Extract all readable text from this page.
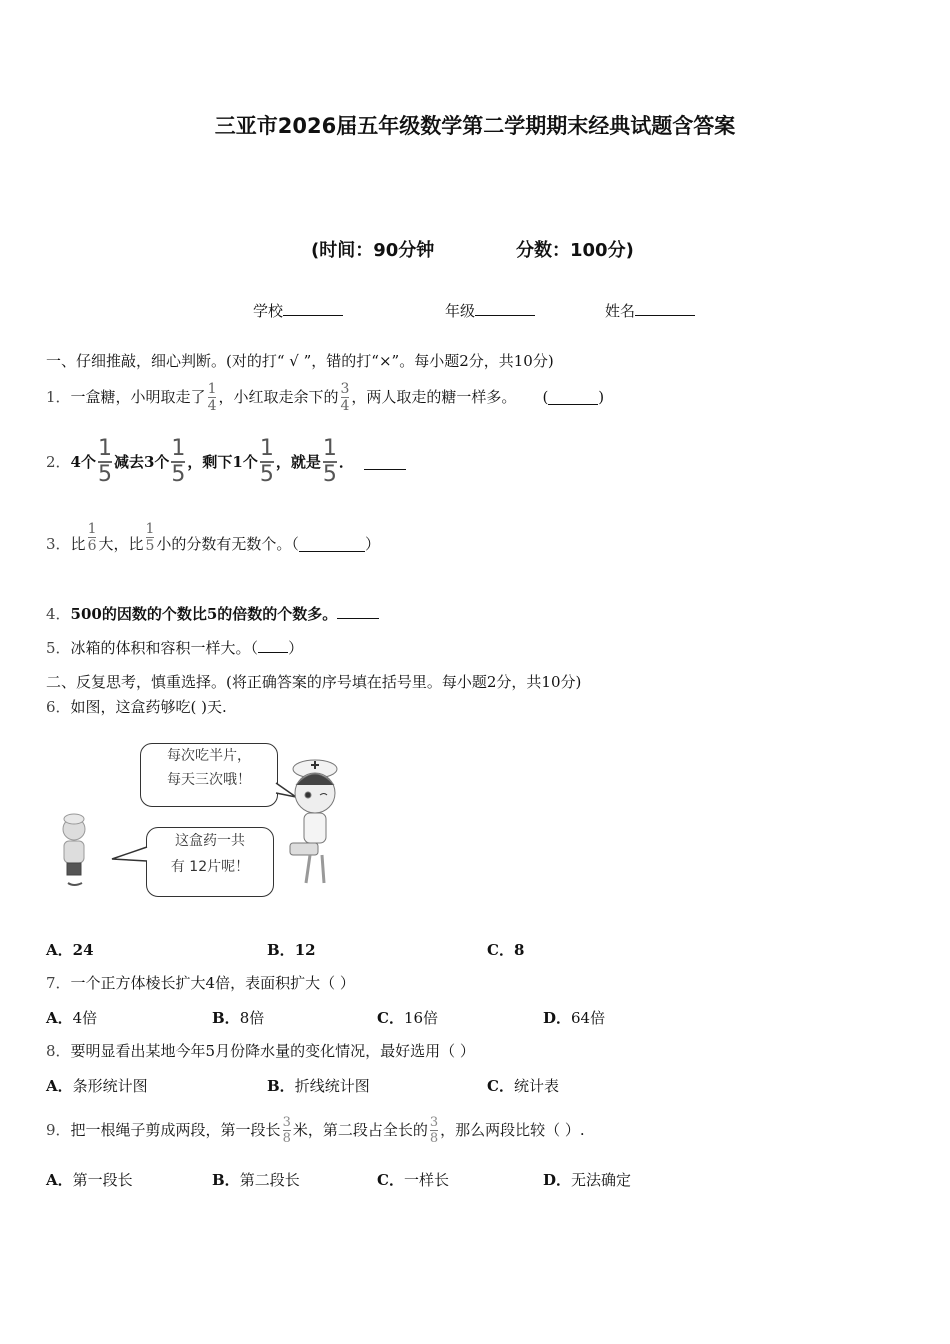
三亚市2026届五年级数学第二学期期末经典试题含答案
(时间：90分钟	分数：100分)
学校	年级	姓名
一、仔细推敲，细心判断。(对的打“ √ ”，错的打“×”。每小题2分，共10分)
1． 一盒糖，小明取走了 $\frac{1}{4}$ ，小红取走余下的 $\frac{3}{4}$ ，两人取走的糖一样多。 (	)
2． 4个 $\frac{1}{5}$ 减去3个 $\frac{1}{5}$ ，剩下1个 $\frac{1}{5}$ ，就是 $\frac{1}{5}$ ．
3． 比 $\frac{1}{6}$ 大，比 $\frac{1}{5}$ 小的分数有无数个。（	）
4．500的因数的个数比5的倍数的个数多。
5．冰箱的体积和容积一样大。（ ）
二、反复思考，慎重选择。(将正确答案的序号填在括号里。每小题2分，共10分)
6．如图，这盒药够吃( )天.
每次吃半片，
每天三次哦！
这盒药一共
有 12片呢！
A．24	B．12	C．8
7．一个正方体棱长扩大4倍，表面积扩大（ ）
A．4倍	B．8倍	C．16倍	D．64倍
8．要明显看出某地今年5月份降水量的变化情况，最好选用（ ）
A．条形统计图	B．折线统计图	C．统计表
9． 把一根绳子剪成两段，第一段长 $\frac{3}{8}$ 米，第二段占全长的 $\frac{3}{8}$ ，那么两段比较（ ）.
A．第一段长	B．第二段长	C．一样长	D．无法确定
